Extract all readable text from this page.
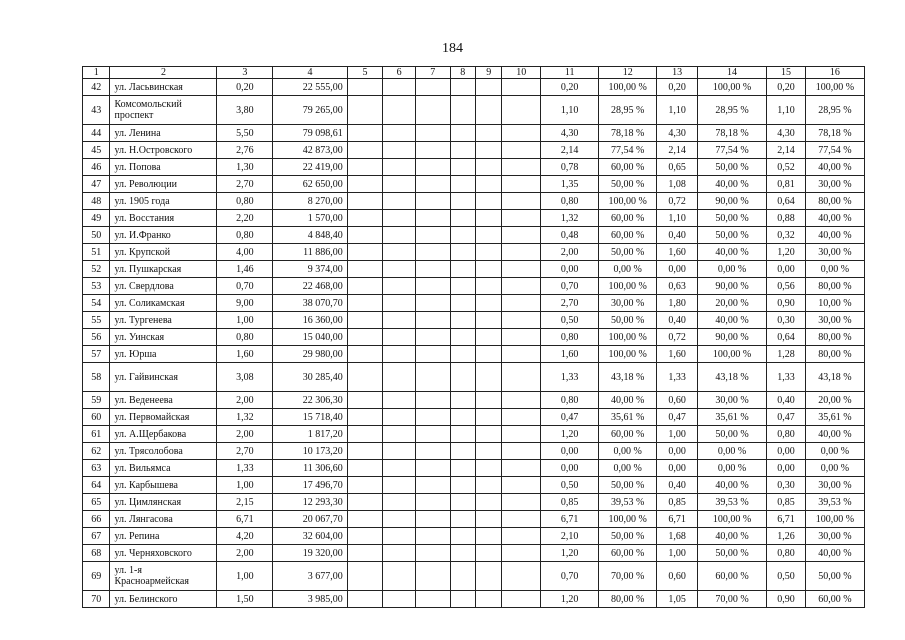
184
1	2	3	4	5	6	7	8	9	10	11	12	13	14	15	16
42	ул. Ласьвинская	0,20	22 555,00							0,20	100,00 %	0,20	100,00 %	0,20	100,00 %
43	Комсомольский проспект	3,80	79 265,00							1,10	28,95 %	1,10	28,95 %	1,10	28,95 %
44	ул. Ленина	5,50	79 098,61							4,30	78,18 %	4,30	78,18 %	4,30	78,18 %
45	ул. Н.Островского	2,76	42 873,00							2,14	77,54 %	2,14	77,54 %	2,14	77,54 %
46	ул. Попова	1,30	22 419,00							0,78	60,00 %	0,65	50,00 %	0,52	40,00 %
47	ул. Революции	2,70	62 650,00							1,35	50,00 %	1,08	40,00 %	0,81	30,00 %
48	ул. 1905 года	0,80	8 270,00							0,80	100,00 %	0,72	90,00 %	0,64	80,00 %
49	ул. Восстания	2,20	1 570,00							1,32	60,00 %	1,10	50,00 %	0,88	40,00 %
50	ул. И.Франко	0,80	4 848,40							0,48	60,00 %	0,40	50,00 %	0,32	40,00 %
51	ул. Крупской	4,00	11 886,00							2,00	50,00 %	1,60	40,00 %	1,20	30,00 %
52	ул. Пушкарская	1,46	9 374,00							0,00	0,00 %	0,00	0,00 %	0,00	0,00 %
53	ул. Свердлова	0,70	22 468,00							0,70	100,00 %	0,63	90,00 %	0,56	80,00 %
54	ул. Соликамская	9,00	38 070,70							2,70	30,00 %	1,80	20,00 %	0,90	10,00 %
55	ул. Тургенева	1,00	16 360,00							0,50	50,00 %	0,40	40,00 %	0,30	30,00 %
56	ул. Уинская	0,80	15 040,00							0,80	100,00 %	0,72	90,00 %	0,64	80,00 %
57	ул. Юрша	1,60	29 980,00							1,60	100,00 %	1,60	100,00 %	1,28	80,00 %
58	ул. Гайвинская	3,08	30 285,40							1,33	43,18 %	1,33	43,18 %	1,33	43,18 %
59	ул. Веденеева	2,00	22 306,30							0,80	40,00 %	0,60	30,00 %	0,40	20,00 %
60	ул. Первомайская	1,32	15 718,40							0,47	35,61 %	0,47	35,61 %	0,47	35,61 %
61	ул. А.Щербакова	2,00	1 817,20							1,20	60,00 %	1,00	50,00 %	0,80	40,00 %
62	ул. Трясолобова	2,70	10 173,20							0,00	0,00 %	0,00	0,00 %	0,00	0,00 %
63	ул. Вильямса	1,33	11 306,60							0,00	0,00 %	0,00	0,00 %	0,00	0,00 %
64	ул. Карбышева	1,00	17 496,70							0,50	50,00 %	0,40	40,00 %	0,30	30,00 %
65	ул. Цимлянская	2,15	12 293,30							0,85	39,53 %	0,85	39,53 %	0,85	39,53 %
66	ул. Лянгасова	6,71	20 067,70							6,71	100,00 %	6,71	100,00 %	6,71	100,00 %
67	ул. Репина	4,20	32 604,00							2,10	50,00 %	1,68	40,00 %	1,26	30,00 %
68	ул. Черняховского	2,00	19 320,00							1,20	60,00 %	1,00	50,00 %	0,80	40,00 %
69	ул. 1-я Красноармейская	1,00	3 677,00							0,70	70,00 %	0,60	60,00 %	0,50	50,00 %
70	ул. Белинского	1,50	3 985,00							1,20	80,00 %	1,05	70,00 %	0,90	60,00 %
